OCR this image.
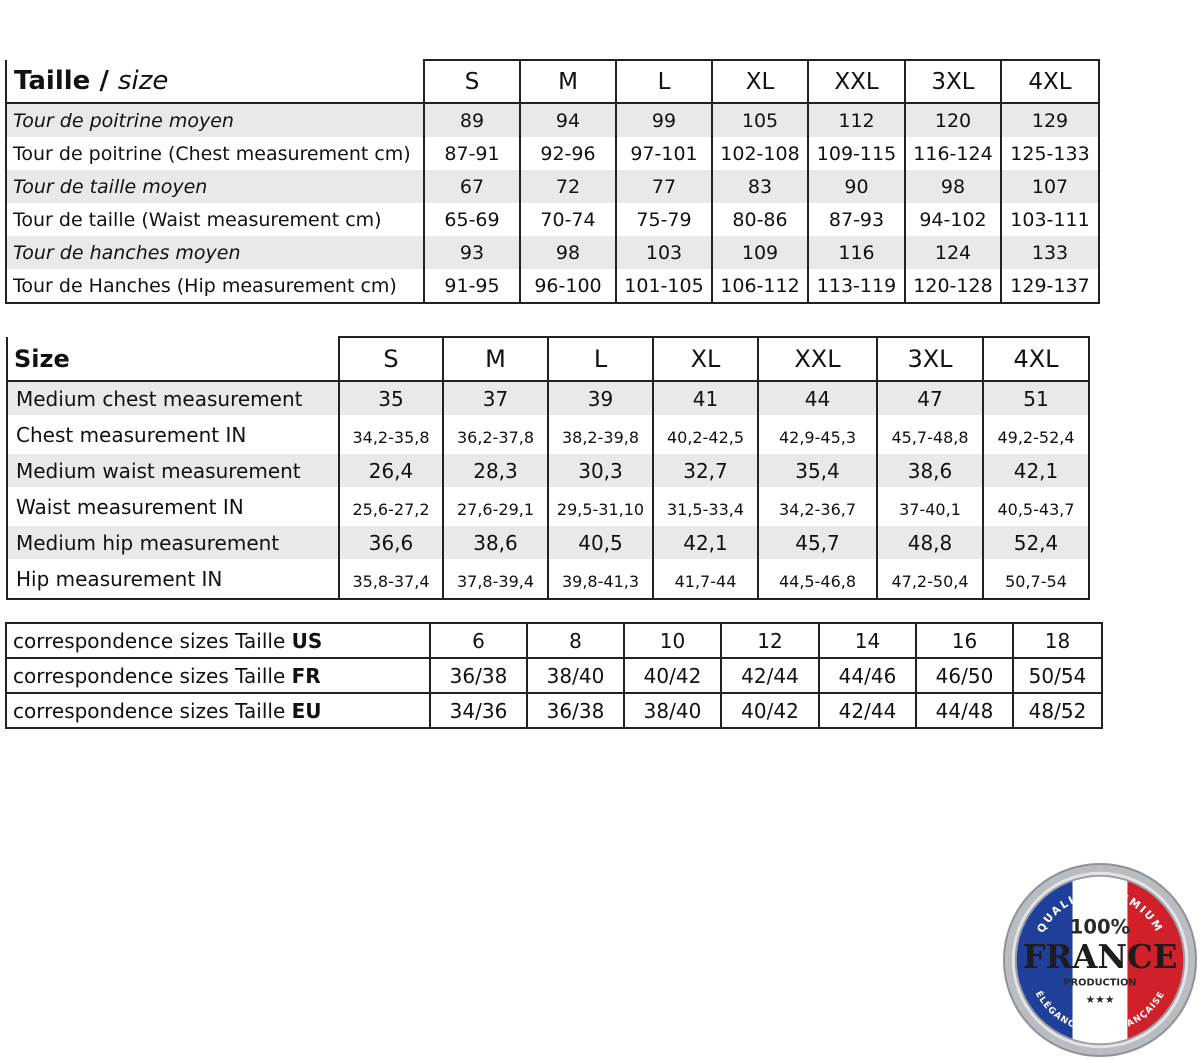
Taille / size	S	M	L	XL	XXL	3XL	4XL
Tour de poitrine moyen	89	94	99	105	112	120	129
Tour de poitrine (Chest measurement cm)	87-91	92-96	97-101	102-108	109-115	116-124	125-133
Tour de taille moyen	67	72	77	83	90	98	107
Tour de taille (Waist measurement cm)	65-69	70-74	75-79	80-86	87-93	94-102	103-111
Tour de hanches moyen	93	98	103	109	116	124	133
Tour de Hanches (Hip measurement cm)	91-95	96-100	101-105	106-112	113-119	120-128	129-137
Size	S	M	L	XL	XXL	3XL	4XL
Medium chest measurement	35	37	39	41	44	47	51
Chest measurement IN	34,2-35,8	36,2-37,8	38,2-39,8	40,2-42,5	42,9-45,3	45,7-48,8	49,2-52,4
Medium waist measurement	26,4	28,3	30,3	32,7	35,4	38,6	42,1
Waist measurement IN	25,6-27,2	27,6-29,1	29,5-31,10	31,5-33,4	34,2-36,7	37-40,1	40,5-43,7
Medium hip measurement	36,6	38,6	40,5	42,1	45,7	48,8	52,4
Hip measurement IN	35,8-37,4	37,8-39,4	39,8-41,3	41,7-44	44,5-46,8	47,2-50,4	50,7-54
correspondence sizes Taille US	6	8	10	12	14	16	18
correspondence sizes Taille FR	36/38	38/40	40/42	42/44	44/46	46/50	50/54
correspondence sizes Taille EU	34/36	36/38	38/40	40/42	42/44	44/48	48/52
QUALITÉ PREMIUM
100%
FRANCE
PRODUCTION
★★★
ÉLÉGANCE À LA FRANÇAISE
